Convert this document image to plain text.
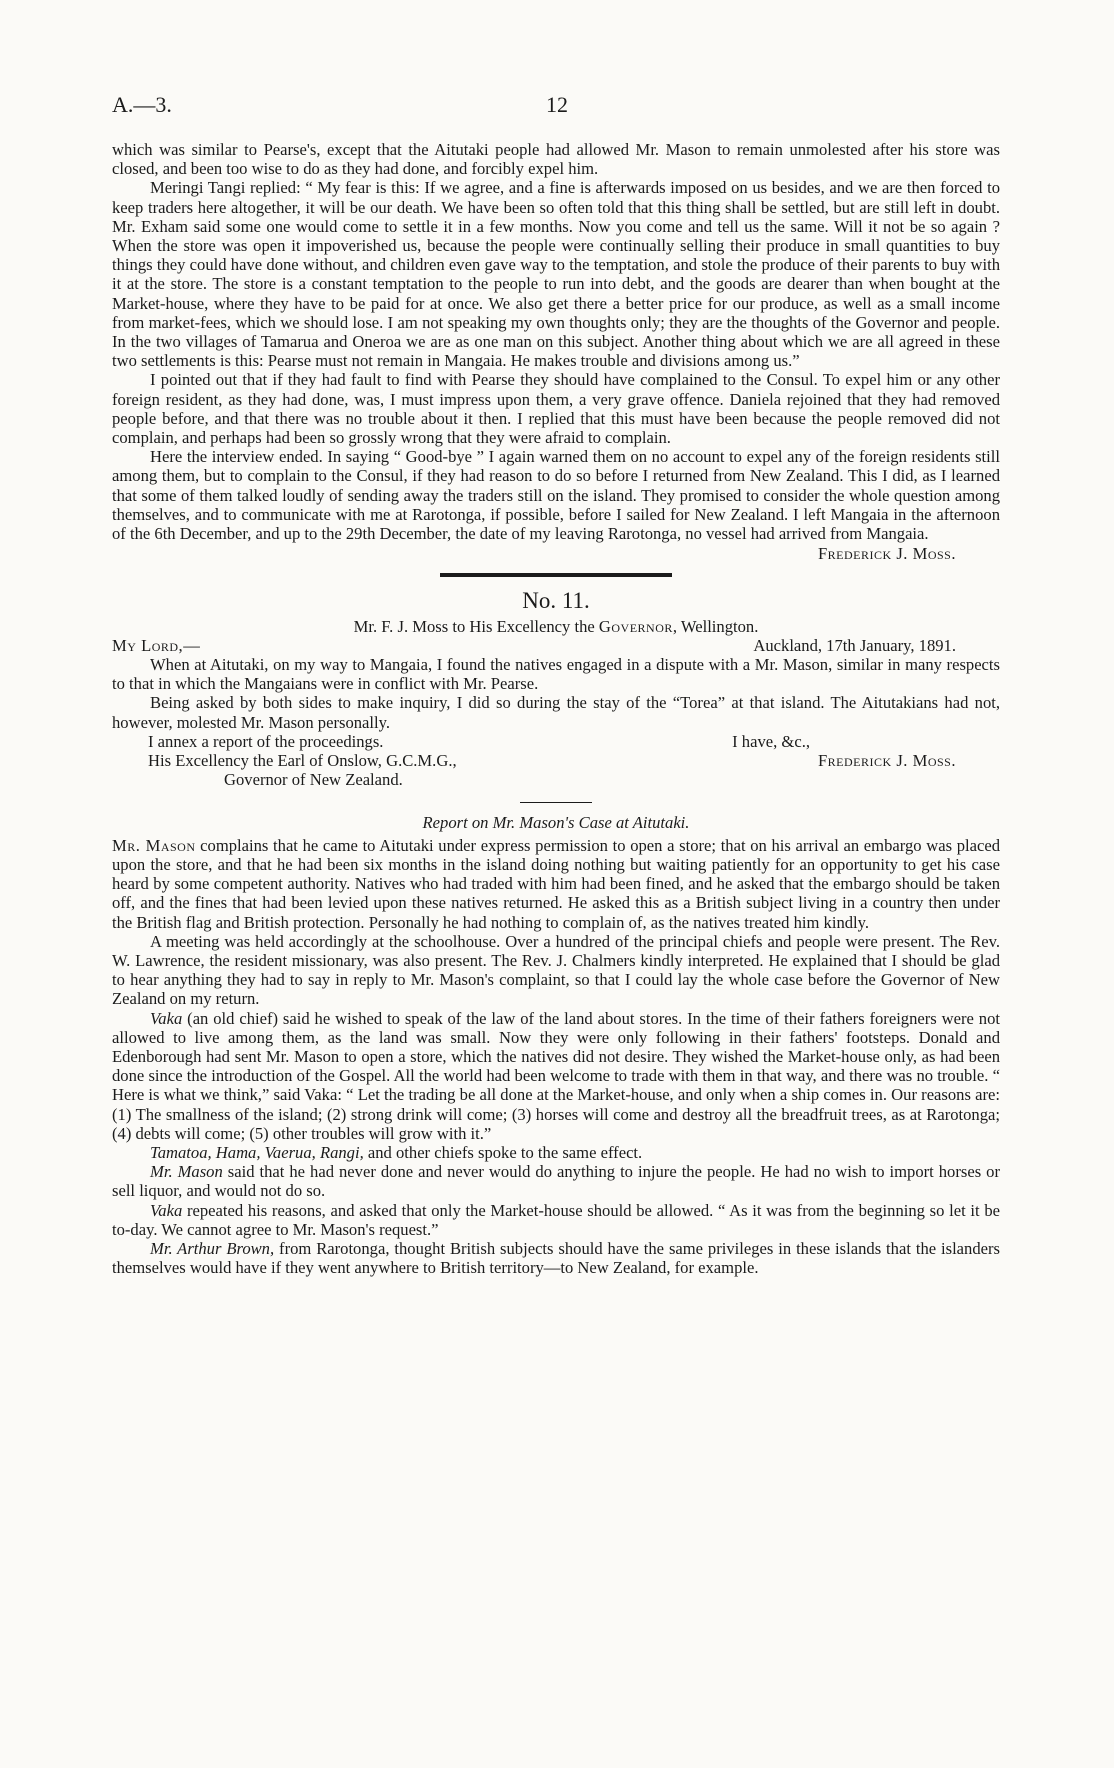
A.—3.	12

which was similar to Pearse's, except that the Aitutaki people had allowed Mr. Mason to remain unmolested after his store was closed, and been too wise to do as they had done, and forcibly expel him.

Meringi Tangi replied: “ My fear is this: If we agree, and a fine is afterwards imposed on us besides, and we are then forced to keep traders here altogether, it will be our death. We have been so often told that this thing shall be settled, but are still left in doubt. Mr. Exham said some one would come to settle it in a few months. Now you come and tell us the same. Will it not be so again ? When the store was open it impoverished us, because the people were continually selling their produce in small quantities to buy things they could have done without, and children even gave way to the temptation, and stole the produce of their parents to buy with it at the store. The store is a constant temptation to the people to run into debt, and the goods are dearer than when bought at the Market-house, where they have to be paid for at once. We also get there a better price for our produce, as well as a small income from market-fees, which we should lose. I am not speaking my own thoughts only; they are the thoughts of the Governor and people. In the two villages of Tamarua and Oneroa we are as one man on this subject. Another thing about which we are all agreed in these two settlements is this: Pearse must not remain in Mangaia. He makes trouble and divisions among us.”

I pointed out that if they had fault to find with Pearse they should have complained to the Consul. To expel him or any other foreign resident, as they had done, was, I must impress upon them, a very grave offence. Daniela rejoined that they had removed people before, and that there was no trouble about it then. I replied that this must have been because the people removed did not complain, and perhaps had been so grossly wrong that they were afraid to complain.

Here the interview ended. In saying “ Good-bye ” I again warned them on no account to expel any of the foreign residents still among them, but to complain to the Consul, if they had reason to do so before I returned from New Zealand. This I did, as I learned that some of them talked loudly of sending away the traders still on the island. They promised to consider the whole question among themselves, and to communicate with me at Rarotonga, if possible, before I sailed for New Zealand. I left Mangaia in the afternoon of the 6th December, and up to the 29th December, the date of my leaving Rarotonga, no vessel had arrived from Mangaia.

Frederick J. Moss.

No. 11.

Mr. F. J. Moss to His Excellency the Governor, Wellington.

My Lord,—	Auckland, 17th January, 1891.

When at Aitutaki, on my way to Mangaia, I found the natives engaged in a dispute with a Mr. Mason, similar in many respects to that in which the Mangaians were in conflict with Mr. Pearse.

Being asked by both sides to make inquiry, I did so during the stay of the “Torea” at that island. The Aitutakians had not, however, molested Mr. Mason personally.

I annex a report of the proceedings.	I have, &c.,
His Excellency the Earl of Onslow, G.C.M.G.,	Frederick J. Moss.
Governor of New Zealand.
Report on Mr. Mason's Case at Aitutaki.

Mr. Mason complains that he came to Aitutaki under express permission to open a store; that on his arrival an embargo was placed upon the store, and that he had been six months in the island doing nothing but waiting patiently for an opportunity to get his case heard by some competent authority. Natives who had traded with him had been fined, and he asked that the embargo should be taken off, and the fines that had been levied upon these natives returned. He asked this as a British subject living in a country then under the British flag and British protection. Personally he had nothing to complain of, as the natives treated him kindly.

A meeting was held accordingly at the schoolhouse. Over a hundred of the principal chiefs and people were present. The Rev. W. Lawrence, the resident missionary, was also present. The Rev. J. Chalmers kindly interpreted. He explained that I should be glad to hear anything they had to say in reply to Mr. Mason's complaint, so that I could lay the whole case before the Governor of New Zealand on my return.

Vaka (an old chief) said he wished to speak of the law of the land about stores. In the time of their fathers foreigners were not allowed to live among them, as the land was small. Now they were only following in their fathers' footsteps. Donald and Edenborough had sent Mr. Mason to open a store, which the natives did not desire. They wished the Market-house only, as had been done since the introduction of the Gospel. All the world had been welcome to trade with them in that way, and there was no trouble. “ Here is what we think,” said Vaka: “ Let the trading be all done at the Market-house, and only when a ship comes in. Our reasons are: (1) The smallness of the island; (2) strong drink will come; (3) horses will come and destroy all the breadfruit trees, as at Rarotonga; (4) debts will come; (5) other troubles will grow with it.”

Tamatoa, Hama, Vaerua, Rangi, and other chiefs spoke to the same effect.

Mr. Mason said that he had never done and never would do anything to injure the people. He had no wish to import horses or sell liquor, and would not do so.

Vaka repeated his reasons, and asked that only the Market-house should be allowed. “ As it was from the beginning so let it be to-day. We cannot agree to Mr. Mason's request.”

Mr. Arthur Brown, from Rarotonga, thought British subjects should have the same privileges in these islands that the islanders themselves would have if they went anywhere to British territory—to New Zealand, for example.
